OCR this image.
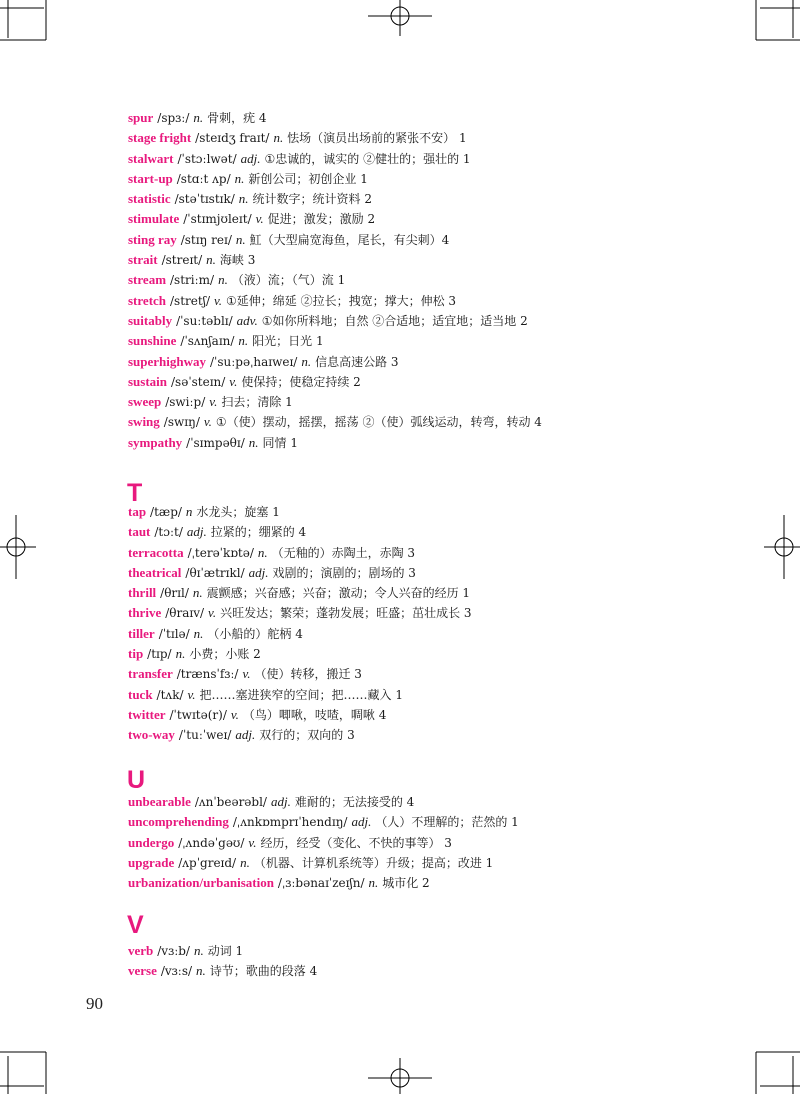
spur /spɜː/ n. 骨刺，疣 4
stage fright /steɪdʒ fraɪt/ n. 怯场（演员出场前的紧张不安） 1
stalwart /ˈstɔːlwət/ adj. ①忠诚的，诚实的 ②健壮的；强壮的 1
start-up /stɑːt ʌp/ n. 新创公司；初创企业 1
statistic /stəˈtɪstɪk/ n. 统计数字；统计资料 2
stimulate /ˈstɪmjʊleɪt/ v. 促进；激发；激励 2
sting ray /stɪŋ reɪ/ n. 魟（大型扁宽海鱼，尾长，有尖刺）4
strait /streɪt/ n. 海峡 3
stream /striːm/ n. （液）流；（气）流 1
stretch /stretʃ/ v. ①延伸；绵延 ②拉长；拽宽；撑大；伸松 3
suitably /ˈsuːtəblɪ/ adv. ①如你所料地；自然 ②合适地；适宜地；适当地 2
sunshine /ˈsʌnʃaɪn/ n. 阳光；日光 1
superhighway /ˈsuːpəˌhaɪweɪ/ n. 信息高速公路 3
sustain /səˈsteɪn/ v. 使保持；使稳定持续 2
sweep /swiːp/ v. 扫去；清除 1
swing /swɪŋ/ v. ①（使）摆动，摇摆，摇荡 ②（使）弧线运动，转弯，转动 4
sympathy /ˈsɪmpəθɪ/ n. 同情 1
T
tap /tæp/ n 水龙头；旋塞 1
taut /tɔːt/ adj. 拉紧的；绷紧的 4
terracotta /ˌterəˈkɒtə/ n. （无釉的）赤陶土，赤陶 3
theatrical /θɪˈætrɪkl/ adj. 戏剧的；演剧的；剧场的 3
thrill /θrɪl/ n. 震颤感；兴奋感；兴奋；激动；令人兴奋的经历 1
thrive /θraɪv/ v. 兴旺发达；繁荣；蓬勃发展；旺盛；茁壮成长 3
tiller /ˈtɪlə/ n. （小船的）舵柄 4
tip /tɪp/ n. 小费；小账 2
transfer /trænsˈfɜː/ v. （使）转移，搬迁 3
tuck /tʌk/ v. 把……塞进狭窄的空间；把……藏入 1
twitter /ˈtwɪtə(r)/ v. （鸟）唧啾，吱喳，啁啾 4
two-way /ˈtuːˈweɪ/ adj. 双行的；双向的 3
U
unbearable /ʌnˈbeərəbl/ adj. 难耐的；无法接受的 4
uncomprehending /ˌʌnkɒmprɪˈhendɪŋ/ adj. （人）不理解的；茫然的 1
undergo /ˌʌndəˈgəʊ/ v. 经历，经受（变化、不快的事等） 3
upgrade /ʌpˈgreɪd/ n. （机器、计算机系统等）升级；提高；改进 1
urbanization/urbanisation /ˌɜːbənaɪˈzeɪʃn/ n. 城市化 2
V
verb /vɜːb/ n. 动词 1
verse /vɜːs/ n. 诗节；歌曲的段落 4
90
